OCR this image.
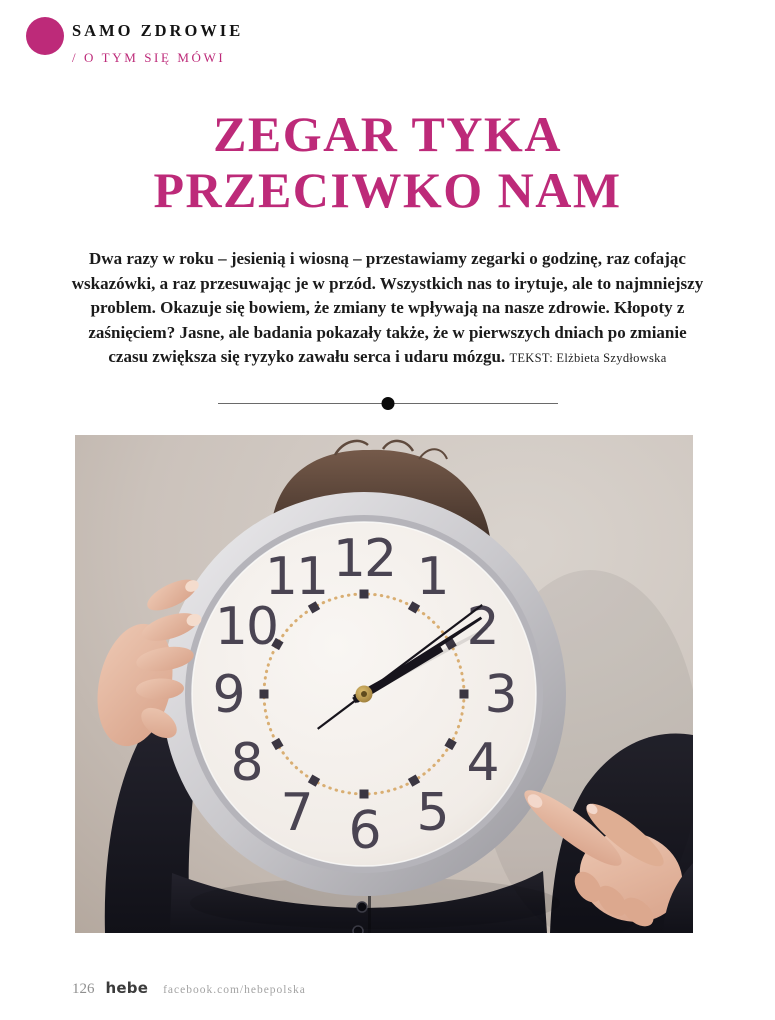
SAMO ZDROWIE
/ O TYM SIĘ MÓWI
ZEGAR TYKA
PRZECIWKO NAM

Dwa razy w roku – jesienią i wiosną – przestawiamy zegarki o godzinę, raz cofając wskazówki, a raz przesuwając je w przód. Wszystkich nas to irytuje, ale to najmniejszy problem. Okazuje się bowiem, że zmiany te wpływają na nasze zdrowie. Kłopoty z zaśnięciem? Jasne, ale badania pokazały także, że w pierwszych dniach po zmianie czasu zwiększa się ryzyko zawału serca i udaru mózgu. TEKST: Elżbieta Szydłowska

12 1
2
3
4
5
6
7
8
9
10
11
126 hebe facebook.com/hebepolska
